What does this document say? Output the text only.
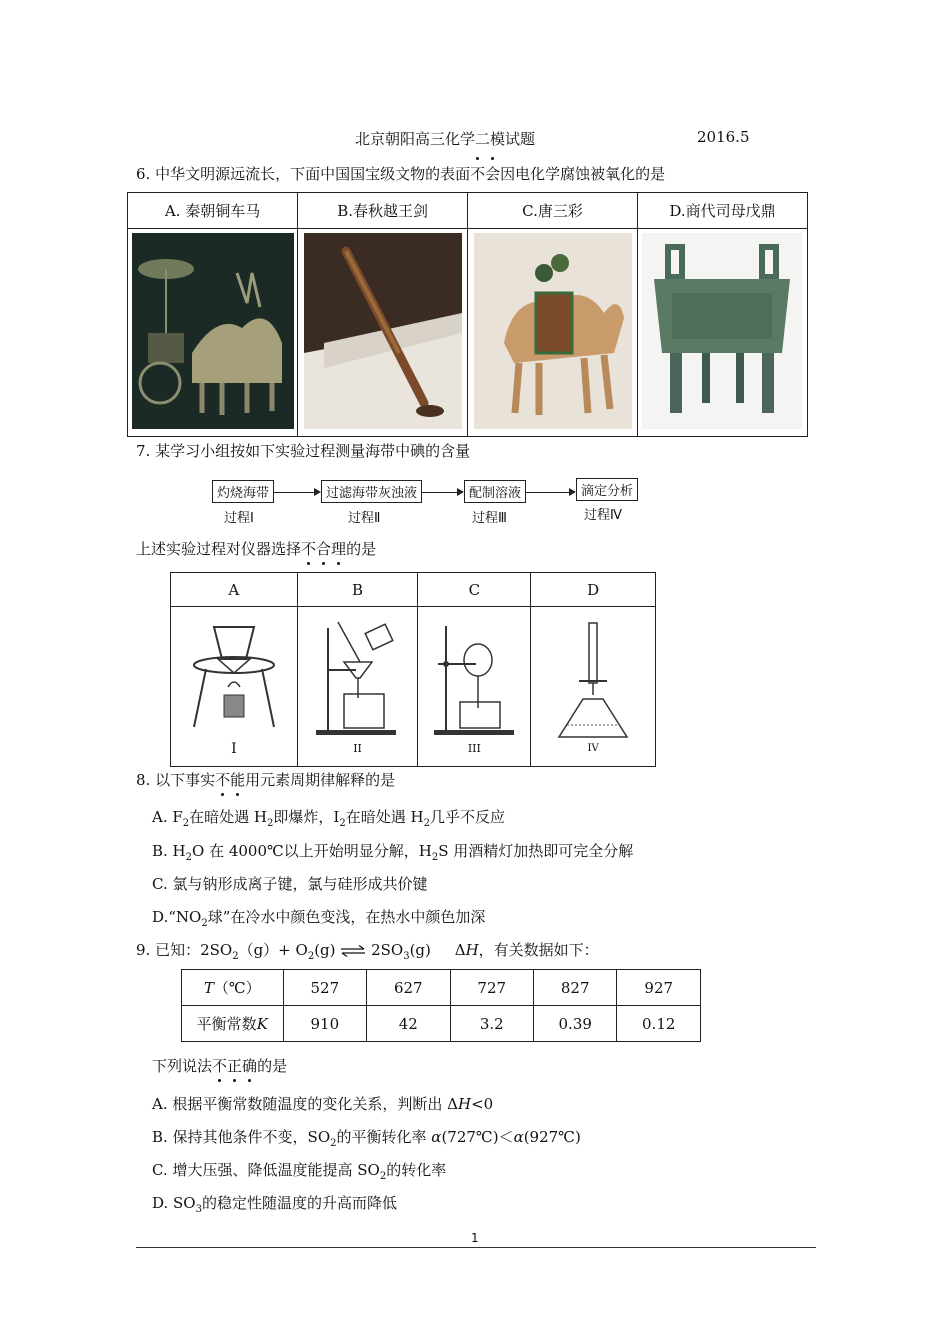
北京朝阳高三化学二模试题	2016.5
6. 中华文明源远流长，下面中国国宝级文物的表面不会因电化学腐蚀被氧化的是
A. 秦朝铜车马	B.春秋越王剑	C.唐三彩	D.商代司母戊鼎

7. 某学习小组按如下实验过程测量海带中碘的含量
灼烧海带	过滤海带灰浊液	配制溶液	滴定分析
过程Ⅰ	过程Ⅱ	过程Ⅲ	过程Ⅳ
上述实验过程对仪器选择不合理的是
A	B	C	D

I	II	III	IV
8. 以下事实不能用元素周期律解释的是
A. $F_2$在暗处遇 $H_2$即爆炸，$I_2$在暗处遇 $H_2$几乎不反应
B. $H_2O$ 在 4000℃以上开始明显分解，$H_2S$ 用酒精灯加热即可完全分解
C. 氯与钠形成离子键，氯与硅形成共价键
$D.“NO_2$球”在冷水中颜色变浅，在热水中颜色加深
9. 已知：$2SO_2(g)+ O_2(g)$ ⇌ $2SO_3(g)$     ΔH，有关数据如下：
T（℃）	527	627	727	827	927
平衡常数K	910	42	3.2	0.39	0.12
下列说法不正确的是
A. 根据平衡常数随温度的变化关系，判断出 ΔH<0
B. 保持其他条件不变，$SO_2$的平衡转化率 α(727℃)＜α(927℃)
C. 增大压强、降低温度能提高 $SO_2$的转化率
D. $SO_3$的稳定性随温度的升高而降低
1
